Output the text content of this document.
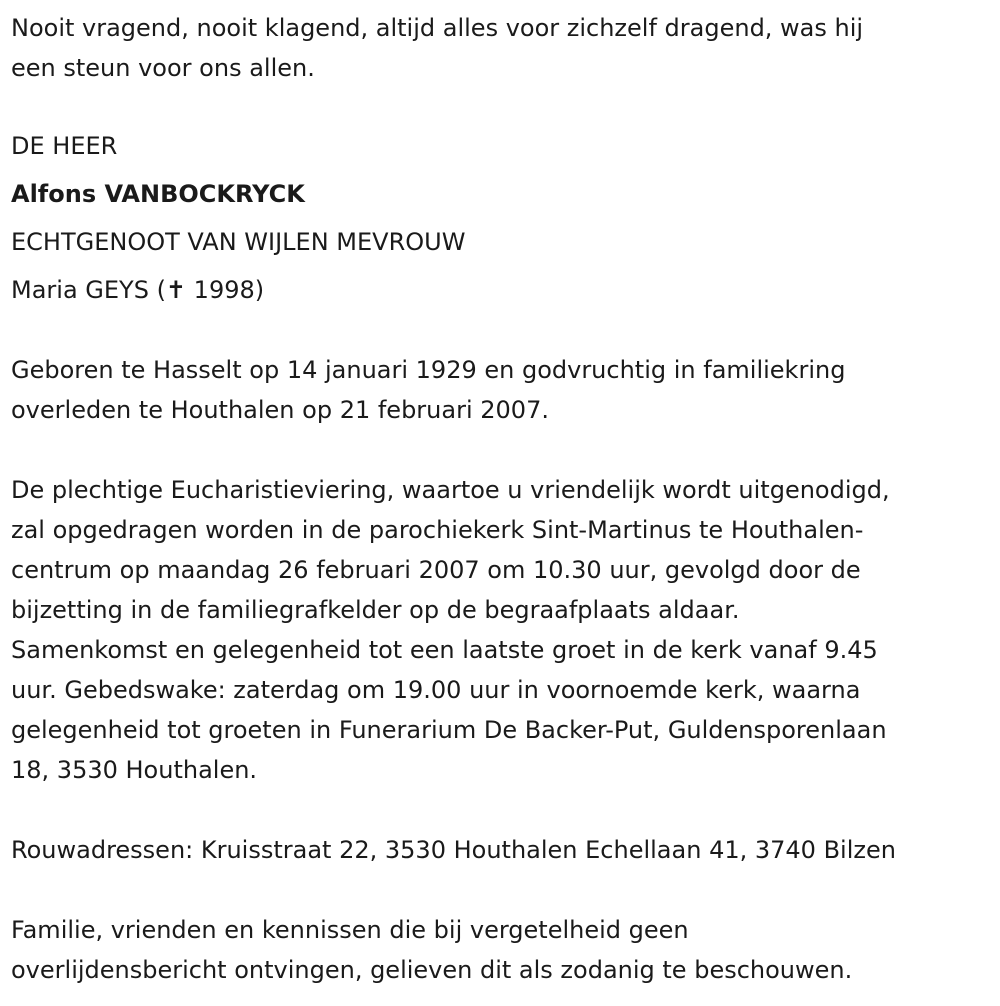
Nooit vragend, nooit klagend, altijd alles voor zichzelf dragend, was hij
een steun voor ons allen.
DE HEER
Alfons VANBOCKRYCK
ECHTGENOOT VAN WIJLEN MEVROUW
Maria GEYS (✝ 1998)
Geboren te Hasselt op 14 januari 1929 en godvruchtig in familiekring
overleden te Houthalen op 21 februari 2007.
De plechtige Eucharistieviering, waartoe u vriendelijk wordt uitgenodigd,
zal opgedragen worden in de parochiekerk Sint-Martinus te Houthalen-
centrum op maandag 26 februari 2007 om 10.30 uur, gevolgd door de
bijzetting in de familiegrafkelder op de begraafplaats aldaar.
Samenkomst en gelegenheid tot een laatste groet in de kerk vanaf 9.45
uur. Gebedswake: zaterdag om 19.00 uur in voornoemde kerk, waarna
gelegenheid tot groeten in Funerarium De Backer-Put, Guldensporenlaan
18, 3530 Houthalen.
Rouwadressen: Kruisstraat 22, 3530 Houthalen Echellaan 41, 3740 Bilzen
Familie, vrienden en kennissen die bij vergetelheid geen
overlijdensbericht ontvingen, gelieven dit als zodanig te beschouwen.
